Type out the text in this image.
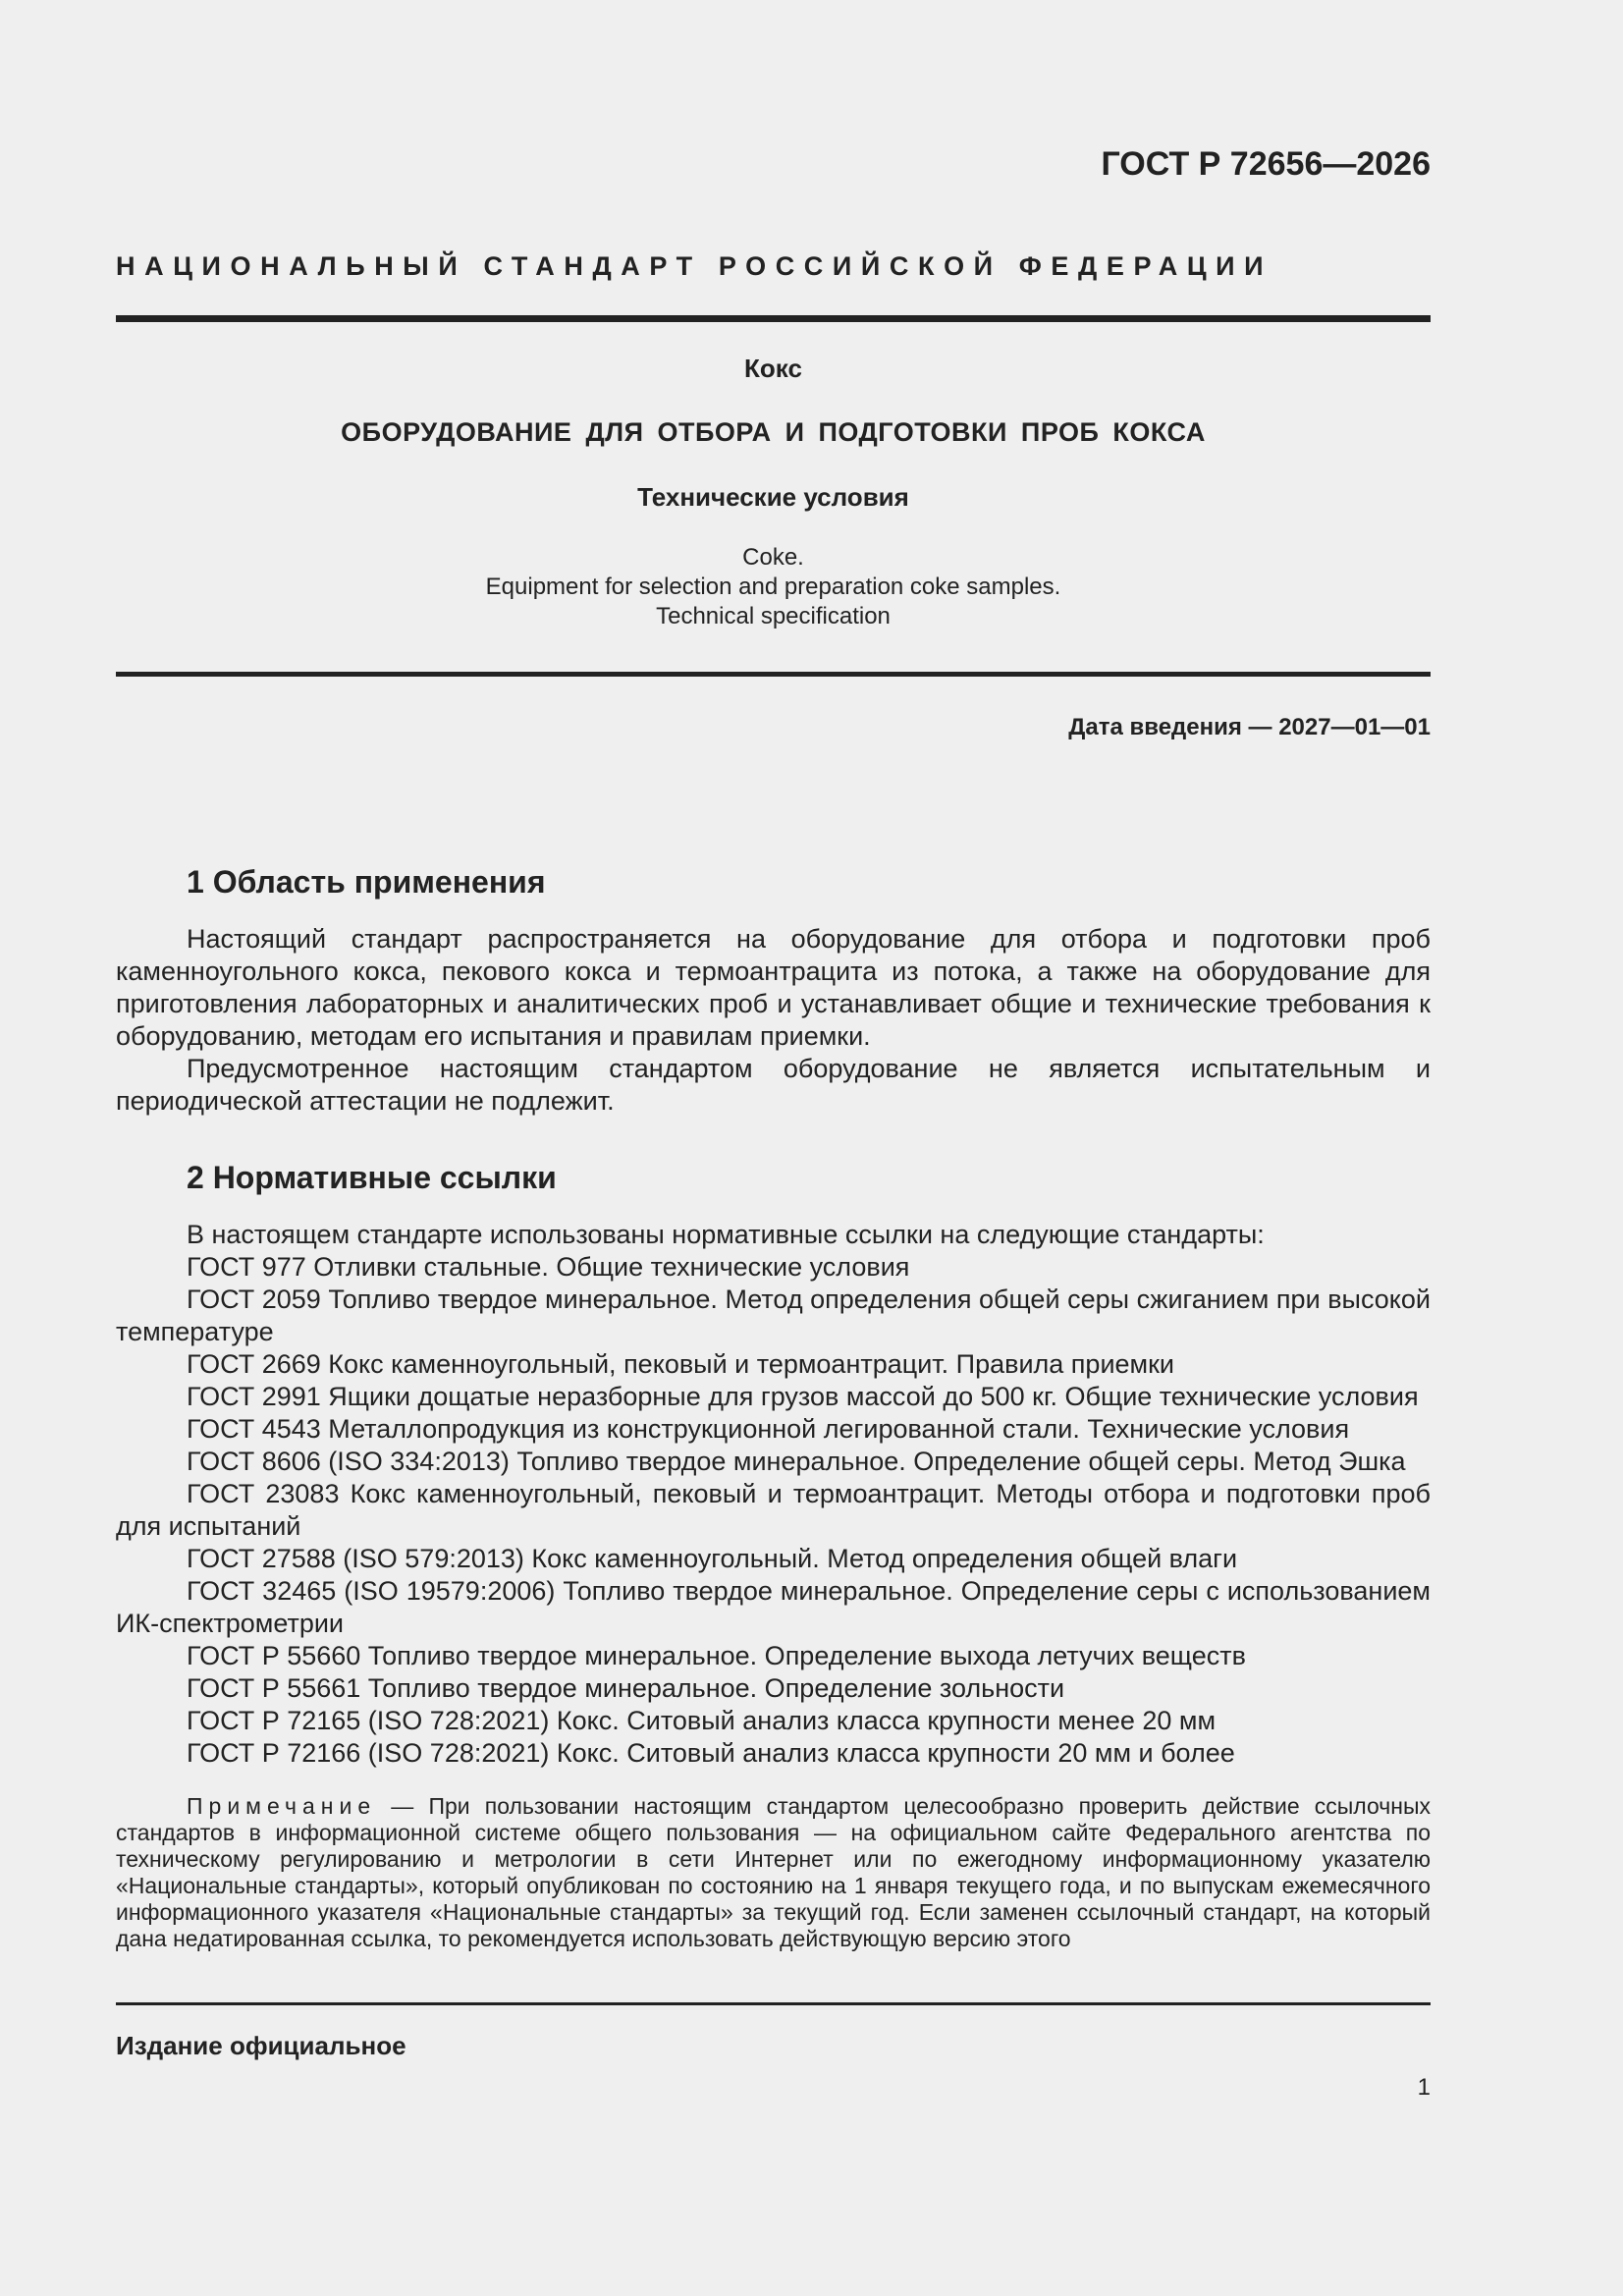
ГОСТ Р 72656—2026
НАЦИОНАЛЬНЫЙ СТАНДАРТ РОССИЙСКОЙ ФЕДЕРАЦИИ
Кокс
ОБОРУДОВАНИЕ ДЛЯ ОТБОРА И ПОДГОТОВКИ ПРОБ КОКСА
Технические условия
Coke.
Equipment for selection and preparation coke samples.
Technical specification
Дата введения — 2027—01—01
1 Область применения

Настоящий стандарт распространяется на оборудование для отбора и подготовки проб каменноугольного кокса, пекового кокса и термоантрацита из потока, а также на оборудование для приготовления лабораторных и аналитических проб и устанавливает общие и технические требования к оборудованию, методам его испытания и правилам приемки.

Предусмотренное настоящим стандартом оборудование не является испытательным и периодической аттестации не подлежит.

2 Нормативные ссылки

В настоящем стандарте использованы нормативные ссылки на следующие стандарты:

ГОСТ 977 Отливки стальные. Общие технические условия

ГОСТ 2059 Топливо твердое минеральное. Метод определения общей серы сжиганием при высокой температуре

ГОСТ 2669 Кокс каменноугольный, пековый и термоантрацит. Правила приемки

ГОСТ 2991 Ящики дощатые неразборные для грузов массой до 500 кг. Общие технические условия

ГОСТ 4543 Металлопродукция из конструкционной легированной стали. Технические условия

ГОСТ 8606 (ISO 334:2013) Топливо твердое минеральное. Определение общей серы. Метод Эшка

ГОСТ 23083 Кокс каменноугольный, пековый и термоантрацит. Методы отбора и подготовки проб для испытаний

ГОСТ 27588 (ISO 579:2013) Кокс каменноугольный. Метод определения общей влаги

ГОСТ 32465 (ISO 19579:2006) Топливо твердое минеральное. Определение серы с использованием ИК-спектрометрии

ГОСТ Р 55660 Топливо твердое минеральное. Определение выхода летучих веществ

ГОСТ Р 55661 Топливо твердое минеральное. Определение зольности

ГОСТ Р 72165 (ISO 728:2021) Кокс. Ситовый анализ класса крупности менее 20 мм

ГОСТ Р 72166 (ISO 728:2021) Кокс. Ситовый анализ класса крупности 20 мм и более

Примечание — При пользовании настоящим стандартом целесообразно проверить действие ссылочных стандартов в информационной системе общего пользования — на официальном сайте Федерального агентства по техническому регулированию и метрологии в сети Интернет или по ежегодному информационному указателю «Национальные стандарты», который опубликован по состоянию на 1 января текущего года, и по выпускам ежемесячного информационного указателя «Национальные стандарты» за текущий год. Если заменен ссылочный стандарт, на который дана недатированная ссылка, то рекомендуется использовать действующую версию этого

Издание официальное
1
